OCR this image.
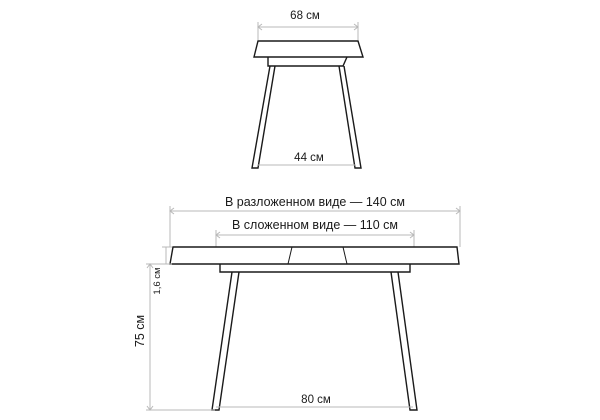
68 см
44 см
В разложенном виде — 140 см
В сложенном виде — 110 см
1,6 см
75 см
80 см
